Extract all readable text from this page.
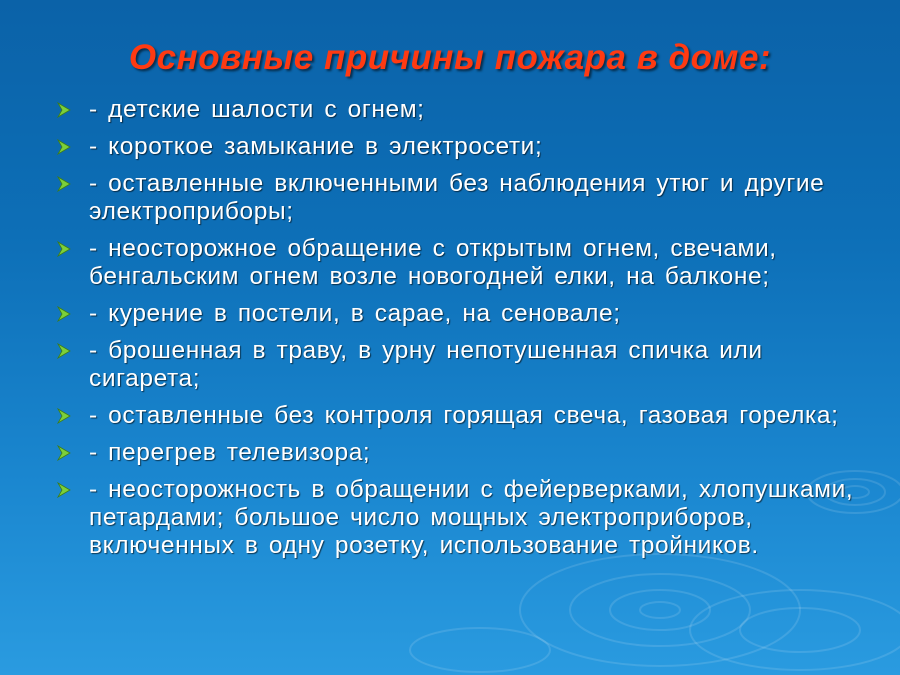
Основные причины пожара в доме:
- детские шалости с огнем;
- короткое замыкание в электросети;
- оставленные включенными без наблюдения утюг и другие электроприборы;
- неосторожное обращение с открытым огнем, свечами, бенгальским огнем возле новогодней елки, на балконе;
- курение в постели, в сарае, на сеновале;
- брошенная в траву, в урну непотушенная спичка или сигарета;
- оставленные без контроля горящая свеча, газовая горелка;
- перегрев телевизора;
- неосторожность в обращении с фейерверками, хлопушками, петардами; большое число мощных электроприборов, включенных в одну розетку, использование тройников.
